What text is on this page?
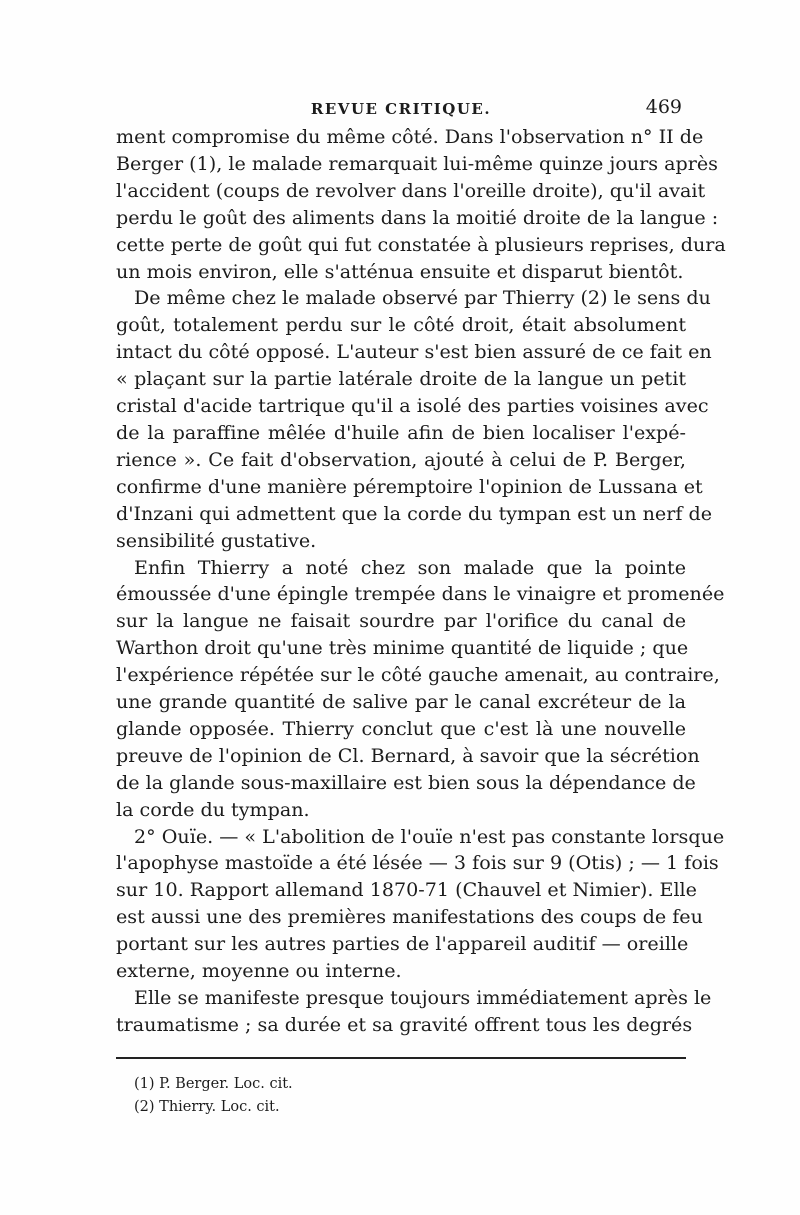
REVUE CRITIQUE.	469
ment compromise du même côté. Dans l'observation n° II de
Berger (1), le malade remarquait lui-même quinze jours après
l'accident (coups de revolver dans l'oreille droite), qu'il avait
perdu le goût des aliments dans la moitié droite de la langue :
cette perte de goût qui fut constatée à plusieurs reprises, dura
un mois environ, elle s'atténua ensuite et disparut bientôt.
De même chez le malade observé par Thierry (2) le sens du
goût, totalement perdu sur le côté droit, était absolument
intact du côté opposé. L'auteur s'est bien assuré de ce fait en
« plaçant sur la partie latérale droite de la langue un petit
cristal d'acide tartrique qu'il a isolé des parties voisines avec
de la paraffine mêlée d'huile afin de bien localiser l'expé-
rience ». Ce fait d'observation, ajouté à celui de P. Berger,
confirme d'une manière péremptoire l'opinion de Lussana et
d'Inzani qui admettent que la corde du tympan est un nerf de
sensibilité gustative.
Enfin Thierry a noté chez son malade que la pointe
émoussée d'une épingle trempée dans le vinaigre et promenée
sur la langue ne faisait sourdre par l'orifice du canal de
Warthon droit qu'une très minime quantité de liquide ; que
l'expérience répétée sur le côté gauche amenait, au contraire,
une grande quantité de salive par le canal excréteur de la
glande opposée. Thierry conclut que c'est là une nouvelle
preuve de l'opinion de Cl. Bernard, à savoir que la sécrétion
de la glande sous-maxillaire est bien sous la dépendance de
la corde du tympan.
2° Ouïe. — « L'abolition de l'ouïe n'est pas constante lorsque
l'apophyse mastoïde a été lésée — 3 fois sur 9 (Otis) ; — 1 fois
sur 10. Rapport allemand 1870-71 (Chauvel et Nimier). Elle
est aussi une des premières manifestations des coups de feu
portant sur les autres parties de l'appareil auditif — oreille
externe, moyenne ou interne.
Elle se manifeste presque toujours immédiatement après le
traumatisme ; sa durée et sa gravité offrent tous les degrés
(1) P. Berger. Loc. cit.
(2) Thierry. Loc. cit.
